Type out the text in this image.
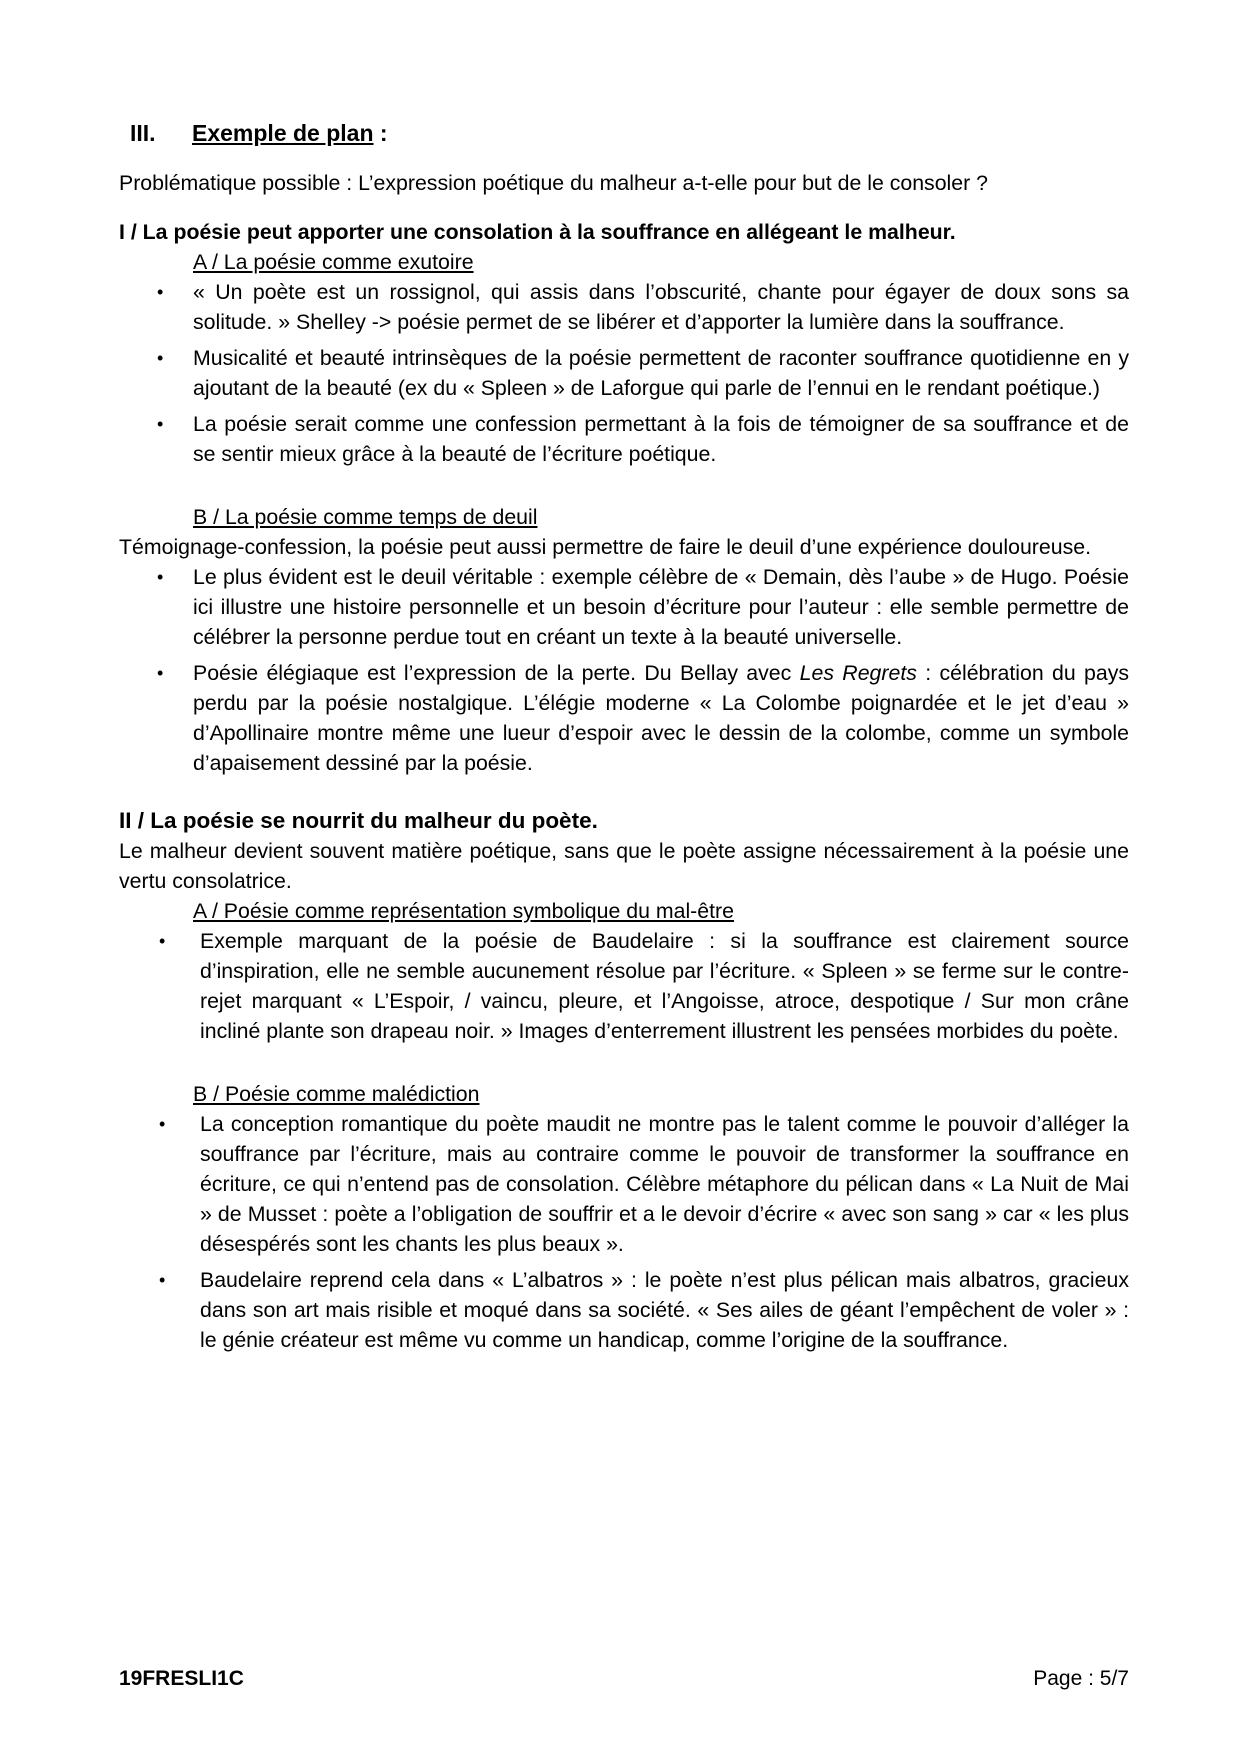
III. Exemple de plan :

Problématique possible : L’expression poétique du malheur a-t-elle pour but de le consoler ?

I / La poésie peut apporter une consolation à la souffrance en allégeant le malheur.

A / La poésie comme exutoire

• « Un poète est un rossignol, qui assis dans l’obscurité, chante pour égayer de doux sons sa solitude. » Shelley -> poésie permet de se libérer et d’apporter la lumière dans la souffrance.
• Musicalité et beauté intrinsèques de la poésie permettent de raconter souffrance quotidienne en y ajoutant de la beauté (ex du « Spleen » de Laforgue qui parle de l’ennui en le rendant poétique.)
• La poésie serait comme une confession permettant à la fois de témoigner de sa souffrance et de se sentir mieux grâce à la beauté de l’écriture poétique.

B / La poésie comme temps de deuil

Témoignage-confession, la poésie peut aussi permettre de faire le deuil d’une expérience douloureuse.

• Le plus évident est le deuil véritable : exemple célèbre de « Demain, dès l’aube » de Hugo. Poésie ici illustre une histoire personnelle et un besoin d’écriture pour l’auteur : elle semble permettre de célébrer la personne perdue tout en créant un texte à la beauté universelle.
• Poésie élégiaque est l’expression de la perte. Du Bellay avec Les Regrets : célébration du pays perdu par la poésie nostalgique. L’élégie moderne « La Colombe poignardée et le jet d’eau » d’Apollinaire montre même une lueur d’espoir avec le dessin de la colombe, comme un symbole d’apaisement dessiné par la poésie.

II / La poésie se nourrit du malheur du poète.

Le malheur devient souvent matière poétique, sans que le poète assigne nécessairement à la poésie une vertu consolatrice.

A / Poésie comme représentation symbolique du mal-être

• Exemple marquant de la poésie de Baudelaire : si la souffrance est clairement source d’inspiration, elle ne semble aucunement résolue par l’écriture. « Spleen » se ferme sur le contre-rejet marquant « L’Espoir, / vaincu, pleure, et l’Angoisse, atroce, despotique / Sur mon crâne incliné plante son drapeau noir. » Images d’enterrement illustrent les pensées morbides du poète.

B / Poésie comme malédiction

• La conception romantique du poète maudit ne montre pas le talent comme le pouvoir d’alléger la souffrance par l’écriture, mais au contraire comme le pouvoir de transformer la souffrance en écriture, ce qui n’entend pas de consolation. Célèbre métaphore du pélican dans « La Nuit de Mai » de Musset : poète a l’obligation de souffrir et a le devoir d’écrire « avec son sang » car « les plus désespérés sont les chants les plus beaux ».
• Baudelaire reprend cela dans « L’albatros » : le poète n’est plus pélican mais albatros, gracieux dans son art mais risible et moqué dans sa société. « Ses ailes de géant l’empêchent de voler » : le génie créateur est même vu comme un handicap, comme l’origine de la souffrance.
19FRESLI1C	Page : 5/7
